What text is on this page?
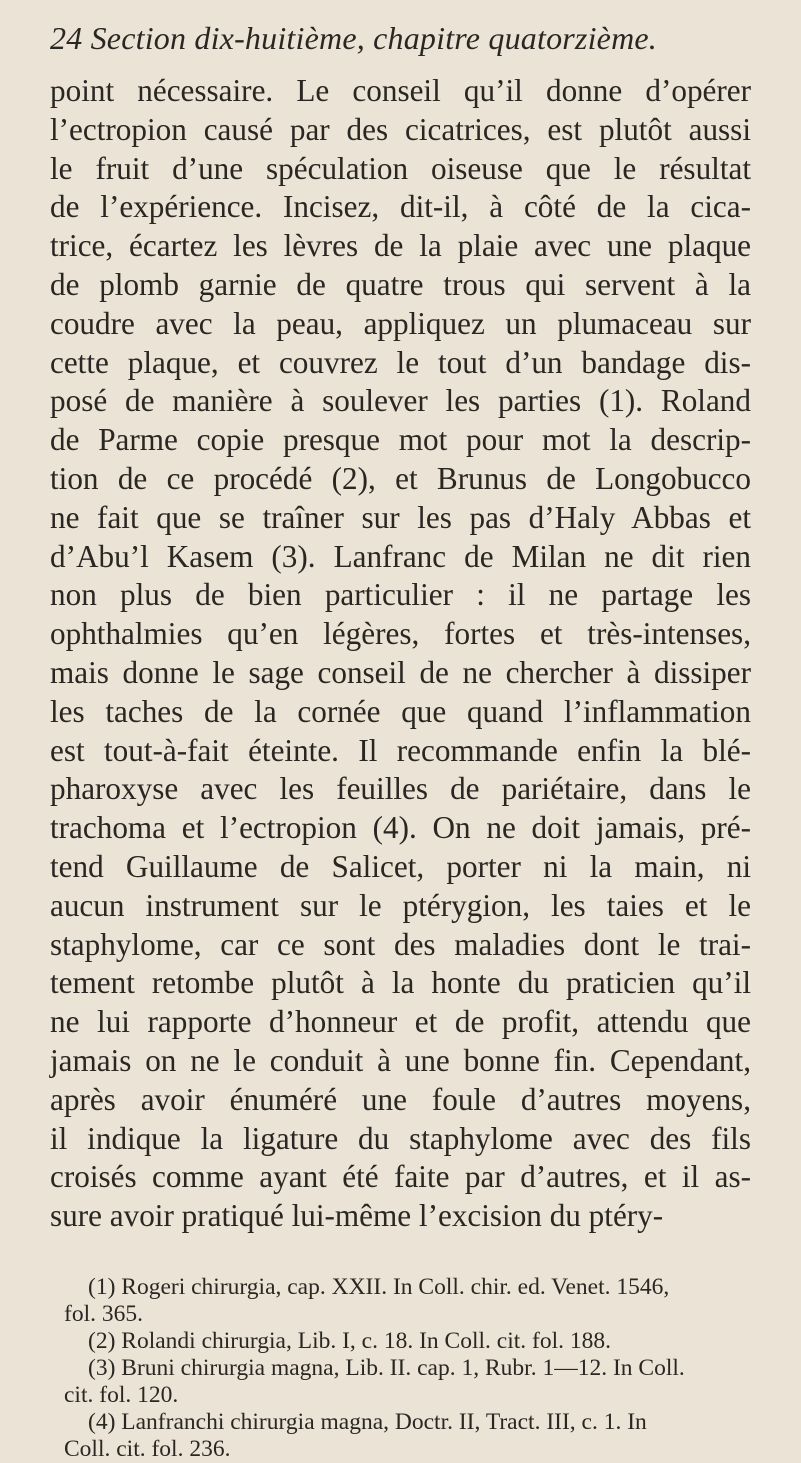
24 Section dix-huitième, chapitre quatorzième.
point nécessaire. Le conseil qu’il donne d’opérer
l’ectropion causé par des cicatrices, est plutôt aussi
le fruit d’une spéculation oiseuse que le résultat
de l’expérience. Incisez, dit-il, à côté de la cica-
trice, écartez les lèvres de la plaie avec une plaque
de plomb garnie de quatre trous qui servent à la
coudre avec la peau, appliquez un plumaceau sur
cette plaque, et couvrez le tout d’un bandage dis-
posé de manière à soulever les parties (1). Roland
de Parme copie presque mot pour mot la descrip-
tion de ce procédé (2), et Brunus de Longobucco
ne fait que se traîner sur les pas d’Haly Abbas et
d’Abu’l Kasem (3). Lanfranc de Milan ne dit rien
non plus de bien particulier : il ne partage les
ophthalmies qu’en légères, fortes et très-intenses,
mais donne le sage conseil de ne chercher à dissiper
les taches de la cornée que quand l’inflammation
est tout-à-fait éteinte. Il recommande enfin la blé-
pharoxyse avec les feuilles de pariétaire, dans le
trachoma et l’ectropion (4). On ne doit jamais, pré-
tend Guillaume de Salicet, porter ni la main, ni
aucun instrument sur le ptérygion, les taies et le
staphylome, car ce sont des maladies dont le trai-
tement retombe plutôt à la honte du praticien qu’il
ne lui rapporte d’honneur et de profit, attendu que
jamais on ne le conduit à une bonne fin. Cependant,
après avoir énuméré une foule d’autres moyens,
il indique la ligature du staphylome avec des fils
croisés comme ayant été faite par d’autres, et il as-
sure avoir pratiqué lui-même l’excision du ptéry-
(1) Rogeri chirurgia, cap. XXII. In Coll. chir. ed. Venet. 1546,
fol. 365.
(2) Rolandi chirurgia, Lib. I, c. 18. In Coll. cit. fol. 188.
(3) Bruni chirurgia magna, Lib. II. cap. 1, Rubr. 1—12. In Coll.
cit. fol. 120.
(4) Lanfranchi chirurgia magna, Doctr. II, Tract. III, c. 1. In
Coll. cit. fol. 236.
